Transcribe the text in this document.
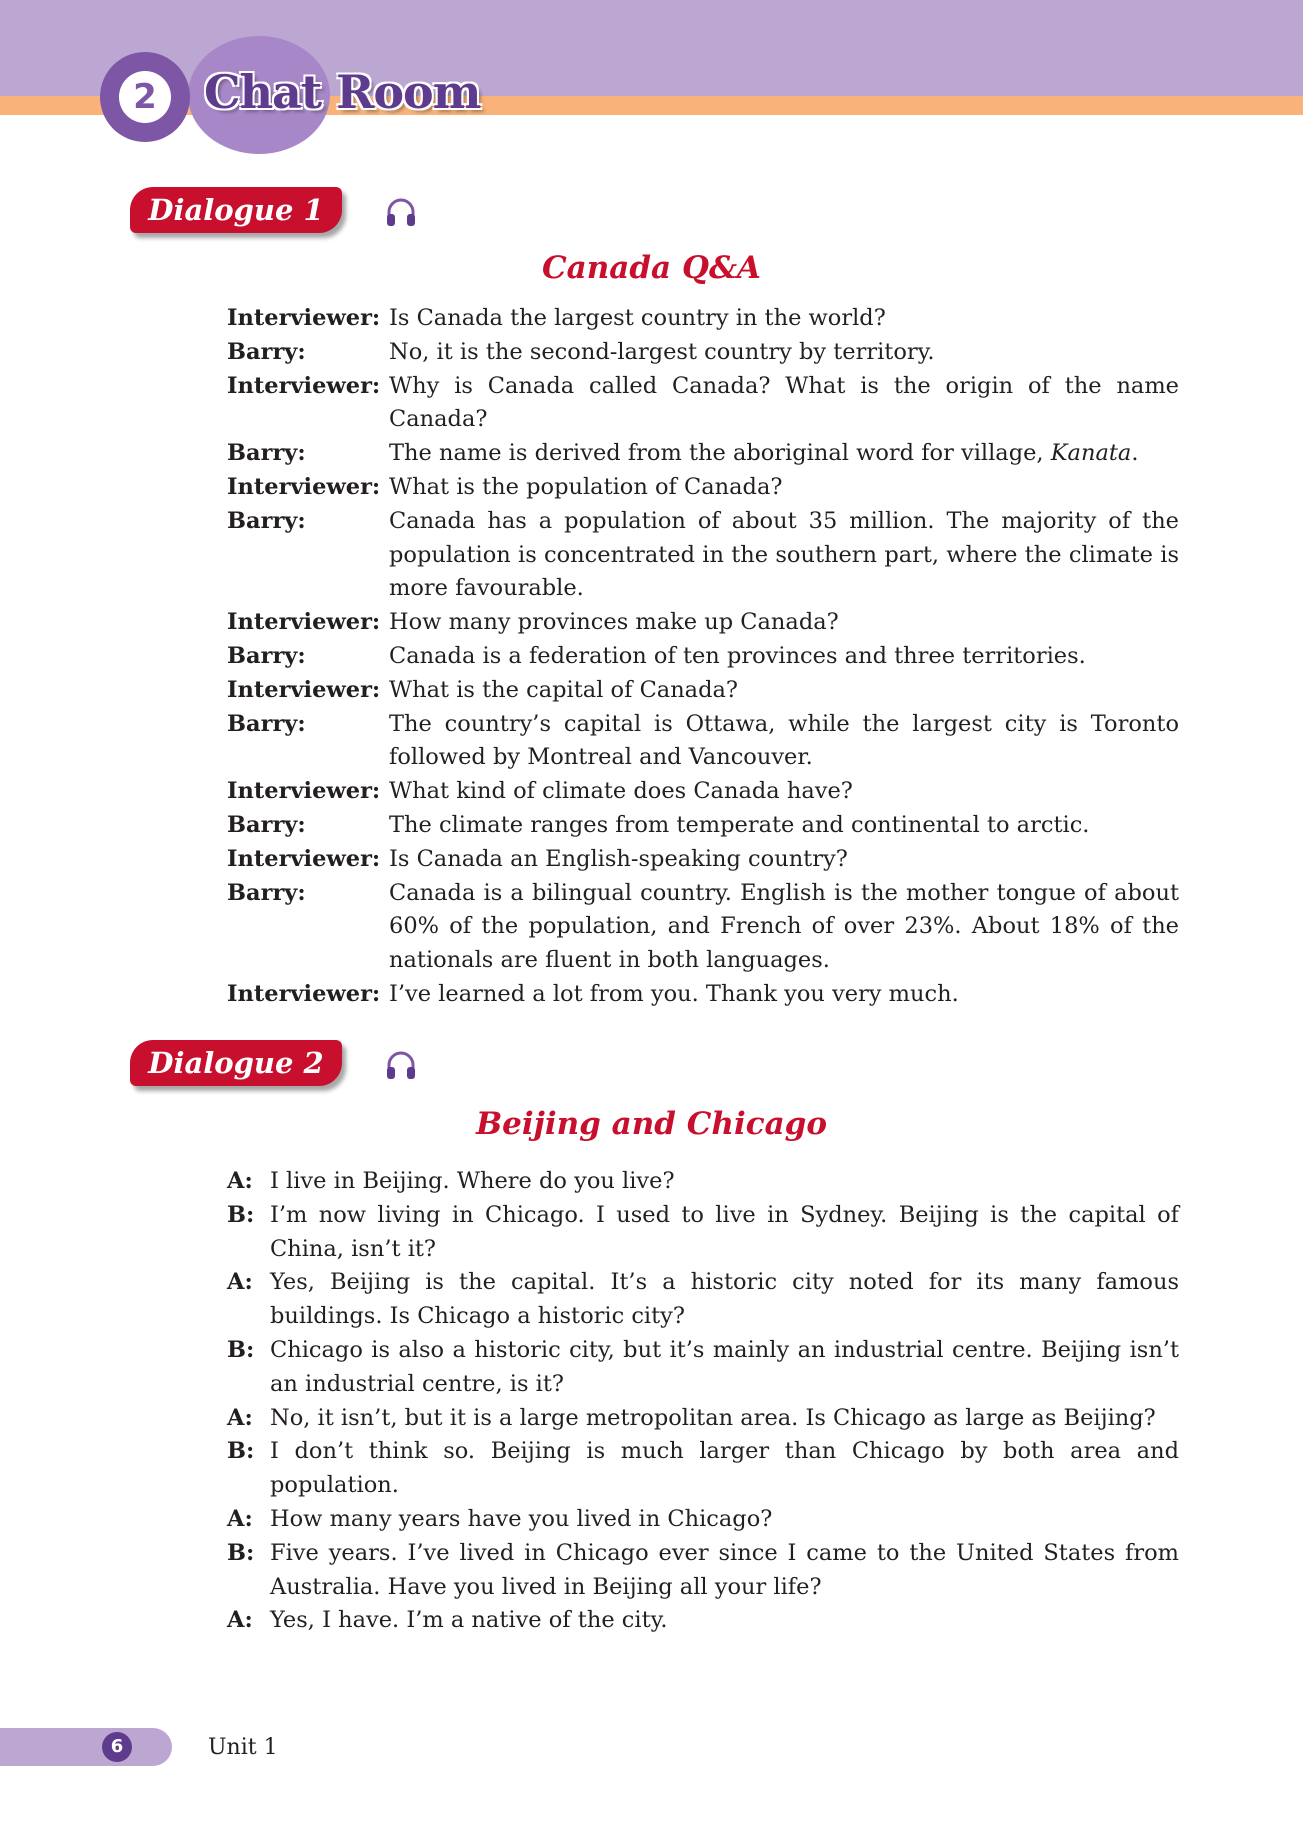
2	Chat Room
Dialogue 1
Canada Q&A
Interviewer: Is Canada the largest country in the world?
Barry:	No, it is the second-largest country by territory.
Interviewer: Why is Canada called Canada? What is the origin of the name Canada?
Barry:	The name is derived from the aboriginal word for village, Kanata.
Interviewer: What is the population of Canada?
Barry:	Canada has a population of about 35 million. The majority of the population is concentrated in the southern part, where the climate is more favourable.
Interviewer: How many provinces make up Canada?
Barry:	Canada is a federation of ten provinces and three territories.
Interviewer: What is the capital of Canada?
Barry:	The country’s capital is Ottawa, while the largest city is Toronto followed by Montreal and Vancouver.
Interviewer: What kind of climate does Canada have?
Barry:	The climate ranges from temperate and continental to arctic.
Interviewer: Is Canada an English-speaking country?
Barry:	Canada is a bilingual country. English is the mother tongue of about 60% of the population, and French of over 23%. About 18% of the nationals are fluent in both languages.
Interviewer: I’ve learned a lot from you. Thank you very much.
Dialogue 2
Beijing and Chicago
A: I live in Beijing. Where do you live?
B: I’m now living in Chicago. I used to live in Sydney. Beijing is the capital of China, isn’t it?
A: Yes, Beijing is the capital. It’s a historic city noted for its many famous buildings. Is Chicago a historic city?
B: Chicago is also a historic city, but it’s mainly an industrial centre. Beijing isn’t an industrial centre, is it?
A: No, it isn’t, but it is a large metropolitan area. Is Chicago as large as Beijing?
B: I don’t think so. Beijing is much larger than Chicago by both area and population.
A: How many years have you lived in Chicago?
B: Five years. I’ve lived in Chicago ever since I came to the United States from Australia. Have you lived in Beijing all your life?
A: Yes, I have. I’m a native of the city.
6	Unit 1
